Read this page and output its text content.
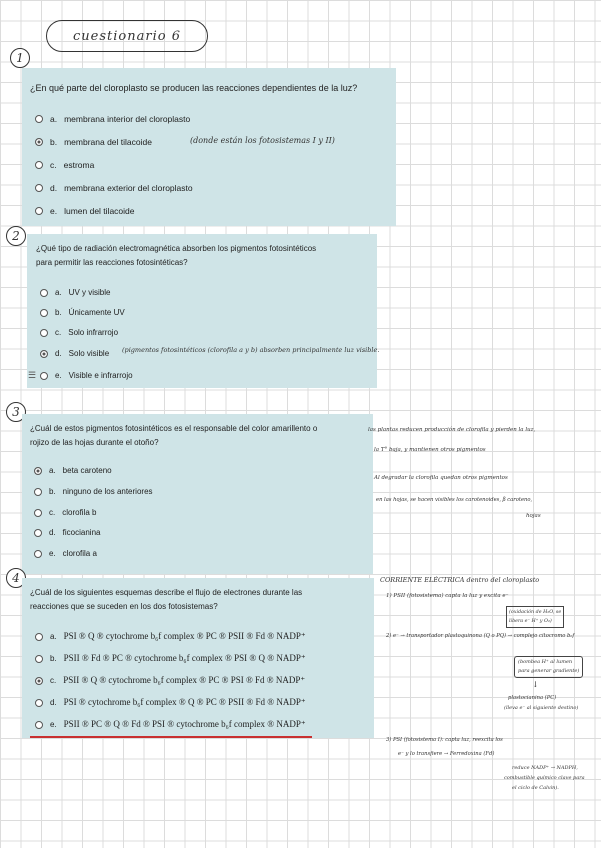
cuestionario 6
1
¿En qué parte del cloroplasto se producen las reacciones dependientes de la luz?
a. membrana interior del cloroplasto
b. membrana del tilacoide	(donde están los fotosistemas I y II)
c. estroma
d. membrana exterior del cloroplasto
e. lumen del tilacoide
2
¿Qué tipo de radiación electromagnética absorben los pigmentos fotosintéticos
para permitir las reacciones fotosintéticas?
a. UV y visible
b. Únicamente UV
c. Solo infrarrojo
d. Solo visible (pigmentos fotosintéticos (clorofila a y b) absorben principalmente luz visible.
☰ e. Visible e infrarrojo
3
¿Cuál de estos pigmentos fotosintéticos es el responsable del color amarillento o
rojizo de las hojas durante el otoño?
a. beta caroteno
b. ninguno de los anteriores
c. clorofila b
d. ficocianina
e. clorofila a
las plantas reducen producción de clorofila y pierden la luz,
la T° baja, y mantienen otros pigmentos
Al degradar la clorofila quedan otros pigmentos
en las hojas, se hacen visibles los carotenoides, β caroteno,
hojas
4
¿Cuál de los siguientes esquemas describe el flujo de electrones durante las
reacciones que se suceden en los dos fotosistemas?
a. PSI ® Q ® cytochrome b₆f complex ® PC ® PSII ® Fd ® NADP⁺
b. PSII ® Fd ® PC ® cytochrome b₆f complex ® PSI ® Q ® NADP⁺
c. PSII ® Q ® cytochrome b₆f complex ® PC ® PSI ® Fd ® NADP⁺
d. PSI ® cytochrome b₆f complex ® Q ® PC ® PSII ® Fd ® NADP⁺
e. PSII ® PC ® Q ® Fd ® PSI ® cytochrome b₆f complex ® NADP⁺
CORRIENTE ELÉCTRICA dentro del cloroplasto
1) PSII (fotosistema) capta la luz y excita e⁻
(oxidación de H₂O, se
libera e⁻ H⁺ y O₂)
2) e⁻ → transportador plastoquinona (Q o PQ) → complejo citocromo b₆f
(bombea H⁺ al lumen
para generar gradiente)
↓
plastocianina (PC)
(lleva e⁻ al siguiente destino)
3) PSI (fotosistema I): capta luz, reexcita los
e⁻ y lo transfiere → Ferredoxina (Fd)
reduce NADP⁺ → NADPH,
combustible químico clave para
el ciclo de Calvin).
